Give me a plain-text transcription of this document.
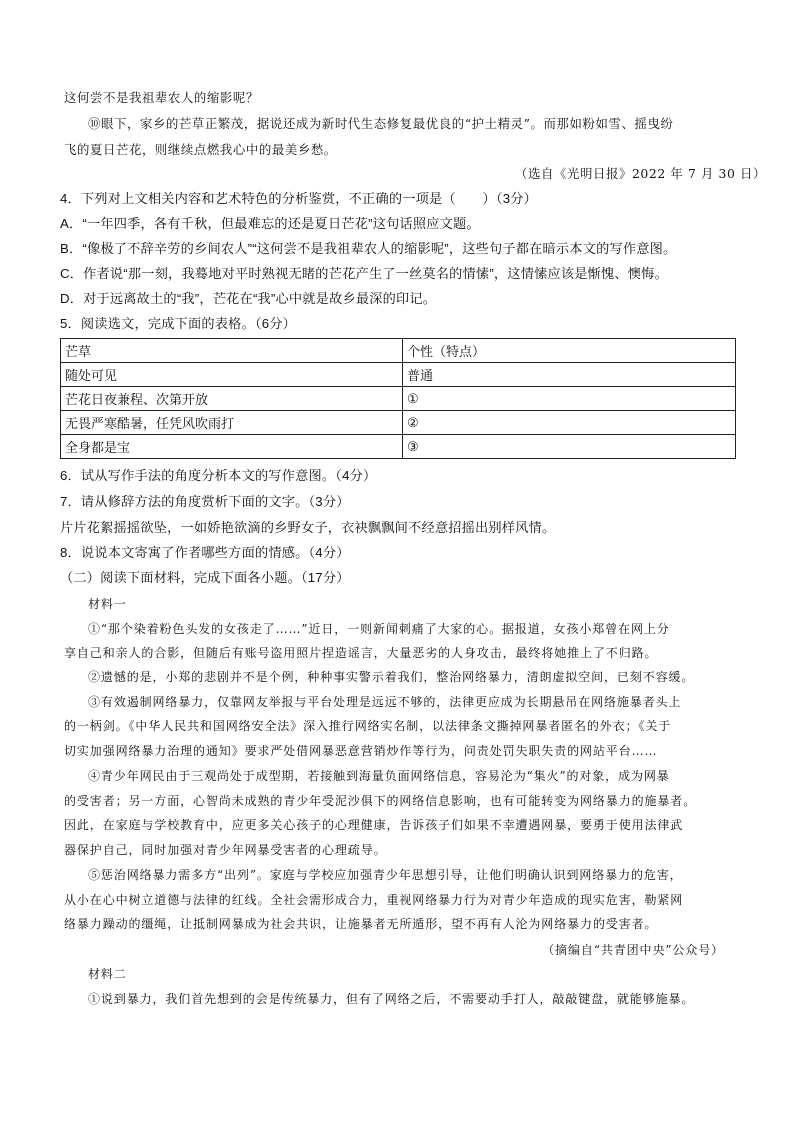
这何尝不是我祖辈农人的缩影呢？
⑩眼下，家乡的芒草正繁茂，据说还成为新时代生态修复最优良的“护土精灵”。而那如粉如雪、摇曳纷
飞的夏日芒花，则继续点燃我心中的最美乡愁。
（选自《光明日报》2022 年 7 月 30 日）
4．下列对上文相关内容和艺术特色的分析鉴赏，不正确的一项是（　　）（3分）
A．“一年四季，各有千秋，但最难忘的还是夏日芒花”这句话照应文题。
B．“像极了不辞辛劳的乡间农人”“这何尝不是我祖辈农人的缩影呢”，这些句子都在暗示本文的写作意图。
C．作者说“那一刻，我蓦地对平时熟视无睹的芒花产生了一丝莫名的情愫”，这情愫应该是惭愧、懊悔。
D．对于远离故土的“我”，芒花在“我”心中就是故乡最深的印记。
5．阅读选文，完成下面的表格。（6分）
芒草	个性（特点）
随处可见	普通
芒花日夜兼程、次第开放	①
无畏严寒酷暑，任凭风吹雨打	②
全身都是宝	③
6．试从写作手法的角度分析本文的写作意图。（4分）
7．请从修辞方法的角度赏析下面的文字。（3分）
片片花絮摇摇欲坠，一如娇艳欲滴的乡野女子，衣袂飘飘间不经意招摇出别样风情。
8．说说本文寄寓了作者哪些方面的情感。（4分）
（二）阅读下面材料，完成下面各小题。（17分）
材料一
①“那个染着粉色头发的女孩走了……”近日，一则新闻刺痛了大家的心。据报道，女孩小郑曾在网上分
享自己和亲人的合影，但随后有账号盗用照片捏造谣言，大量恶劣的人身攻击，最终将她推上了不归路。
②遗憾的是，小郑的悲剧并不是个例，种种事实警示着我们，整治网络暴力，清朗虚拟空间，已刻不容缓。
③有效遏制网络暴力，仅靠网友举报与平台处理是远远不够的，法律更应成为长期悬吊在网络施暴者头上
的一柄剑。《中华人民共和国网络安全法》深入推行网络实名制，以法律条文撕掉网暴者匿名的外衣；《关于
切实加强网络暴力治理的通知》要求严处借网暴恶意营销炒作等行为，问责处罚失职失责的网站平台……
④青少年网民由于三观尚处于成型期，若接触到海量负面网络信息，容易沦为“集火”的对象，成为网暴
的受害者；另一方面，心智尚未成熟的青少年受泥沙俱下的网络信息影响，也有可能转变为网络暴力的施暴者。
因此，在家庭与学校教育中，应更多关心孩子的心理健康，告诉孩子们如果不幸遭遇网暴，要勇于使用法律武
器保护自己，同时加强对青少年网暴受害者的心理疏导。
⑤惩治网络暴力需多方“出列”。家庭与学校应加强青少年思想引导，让他们明确认识到网络暴力的危害，
从小在心中树立道德与法律的红线。全社会需形成合力，重视网络暴力行为对青少年造成的现实危害，勒紧网
络暴力躁动的缰绳，让抵制网暴成为社会共识，让施暴者无所遁形，望不再有人沦为网络暴力的受害者。
（摘编自“共青团中央”公众号）
材料二
①说到暴力，我们首先想到的会是传统暴力，但有了网络之后，不需要动手打人，敲敲键盘，就能够施暴。
